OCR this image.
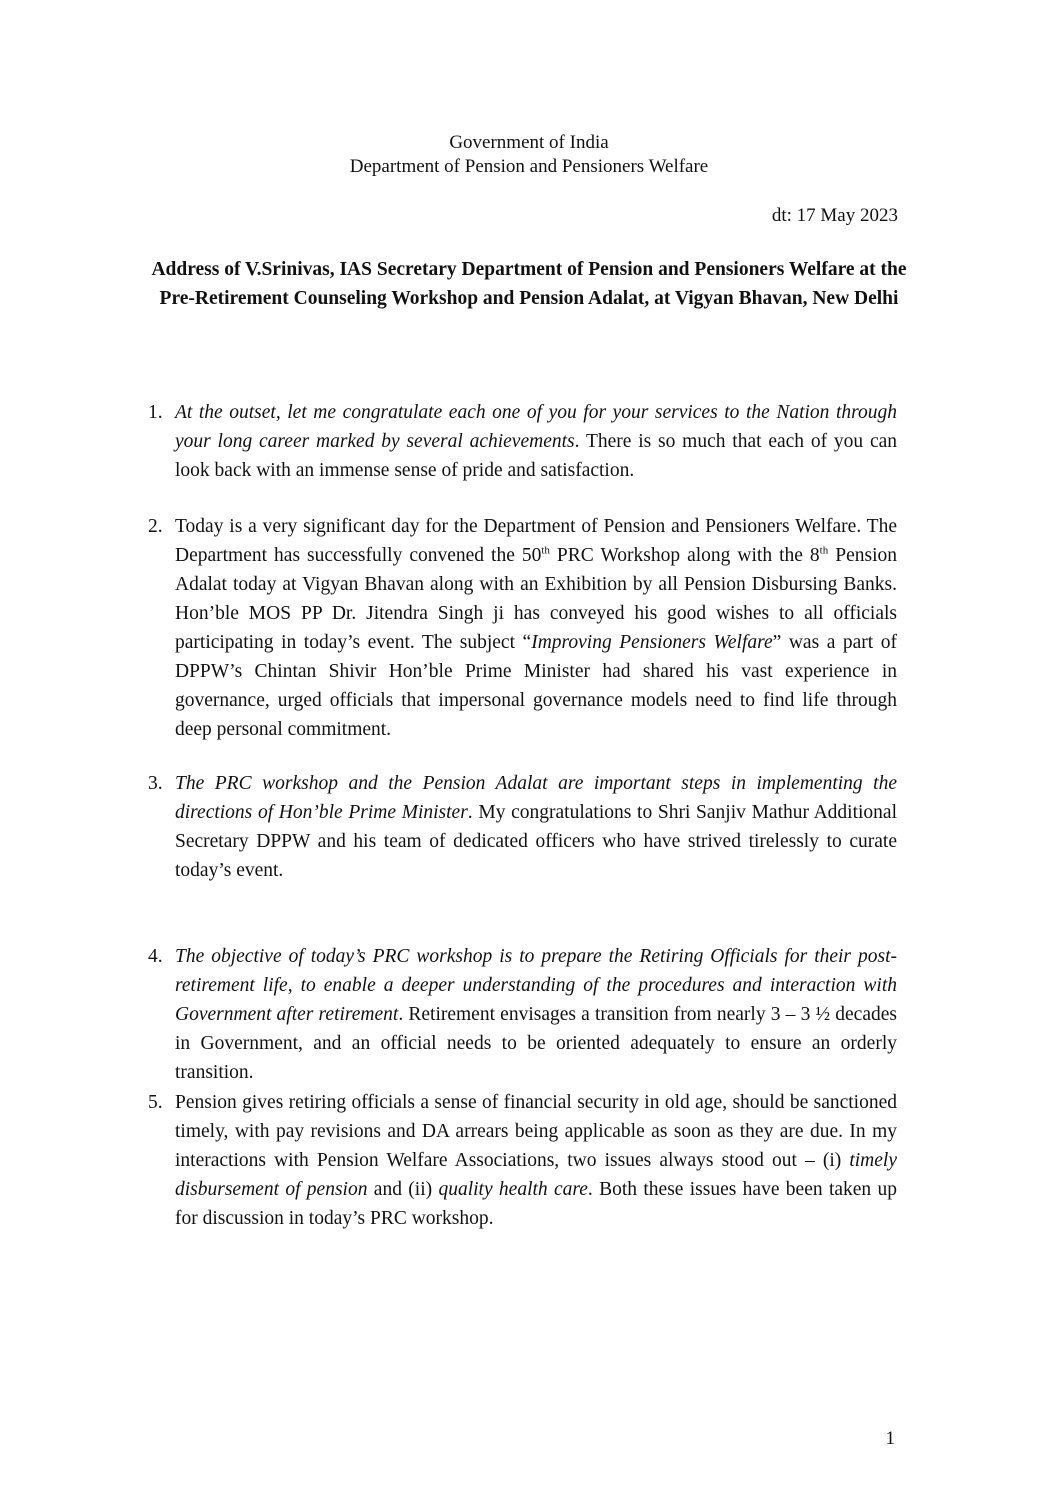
Government of India
Department of Pension and Pensioners Welfare
dt: 17 May 2023
Address of V.Srinivas, IAS Secretary Department of Pension and Pensioners Welfare at the Pre-Retirement Counseling Workshop and Pension Adalat, at Vigyan Bhavan, New Delhi
1. At the outset, let me congratulate each one of you for your services to the Nation through your long career marked by several achievements. There is so much that each of you can look back with an immense sense of pride and satisfaction.
2. Today is a very significant day for the Department of Pension and Pensioners Welfare. The Department has successfully convened the 50th PRC Workshop along with the 8th Pension Adalat today at Vigyan Bhavan along with an Exhibition by all Pension Disbursing Banks. Hon’ble MOS PP Dr. Jitendra Singh ji has conveyed his good wishes to all officials participating in today’s event. The subject “Improving Pensioners Welfare” was a part of DPPW’s Chintan Shivir Hon’ble Prime Minister had shared his vast experience in governance, urged officials that impersonal governance models need to find life through deep personal commitment.
3. The PRC workshop and the Pension Adalat are important steps in implementing the directions of Hon’ble Prime Minister. My congratulations to Shri Sanjiv Mathur Additional Secretary DPPW and his team of dedicated officers who have strived tirelessly to curate today’s event.
4. The objective of today’s PRC workshop is to prepare the Retiring Officials for their post-retirement life, to enable a deeper understanding of the procedures and interaction with Government after retirement. Retirement envisages a transition from nearly 3 – 3 ½ decades in Government, and an official needs to be oriented adequately to ensure an orderly transition.
5. Pension gives retiring officials a sense of financial security in old age, should be sanctioned timely, with pay revisions and DA arrears being applicable as soon as they are due. In my interactions with Pension Welfare Associations, two issues always stood out – (i) timely disbursement of pension and (ii) quality health care. Both these issues have been taken up for discussion in today’s PRC workshop.
1
